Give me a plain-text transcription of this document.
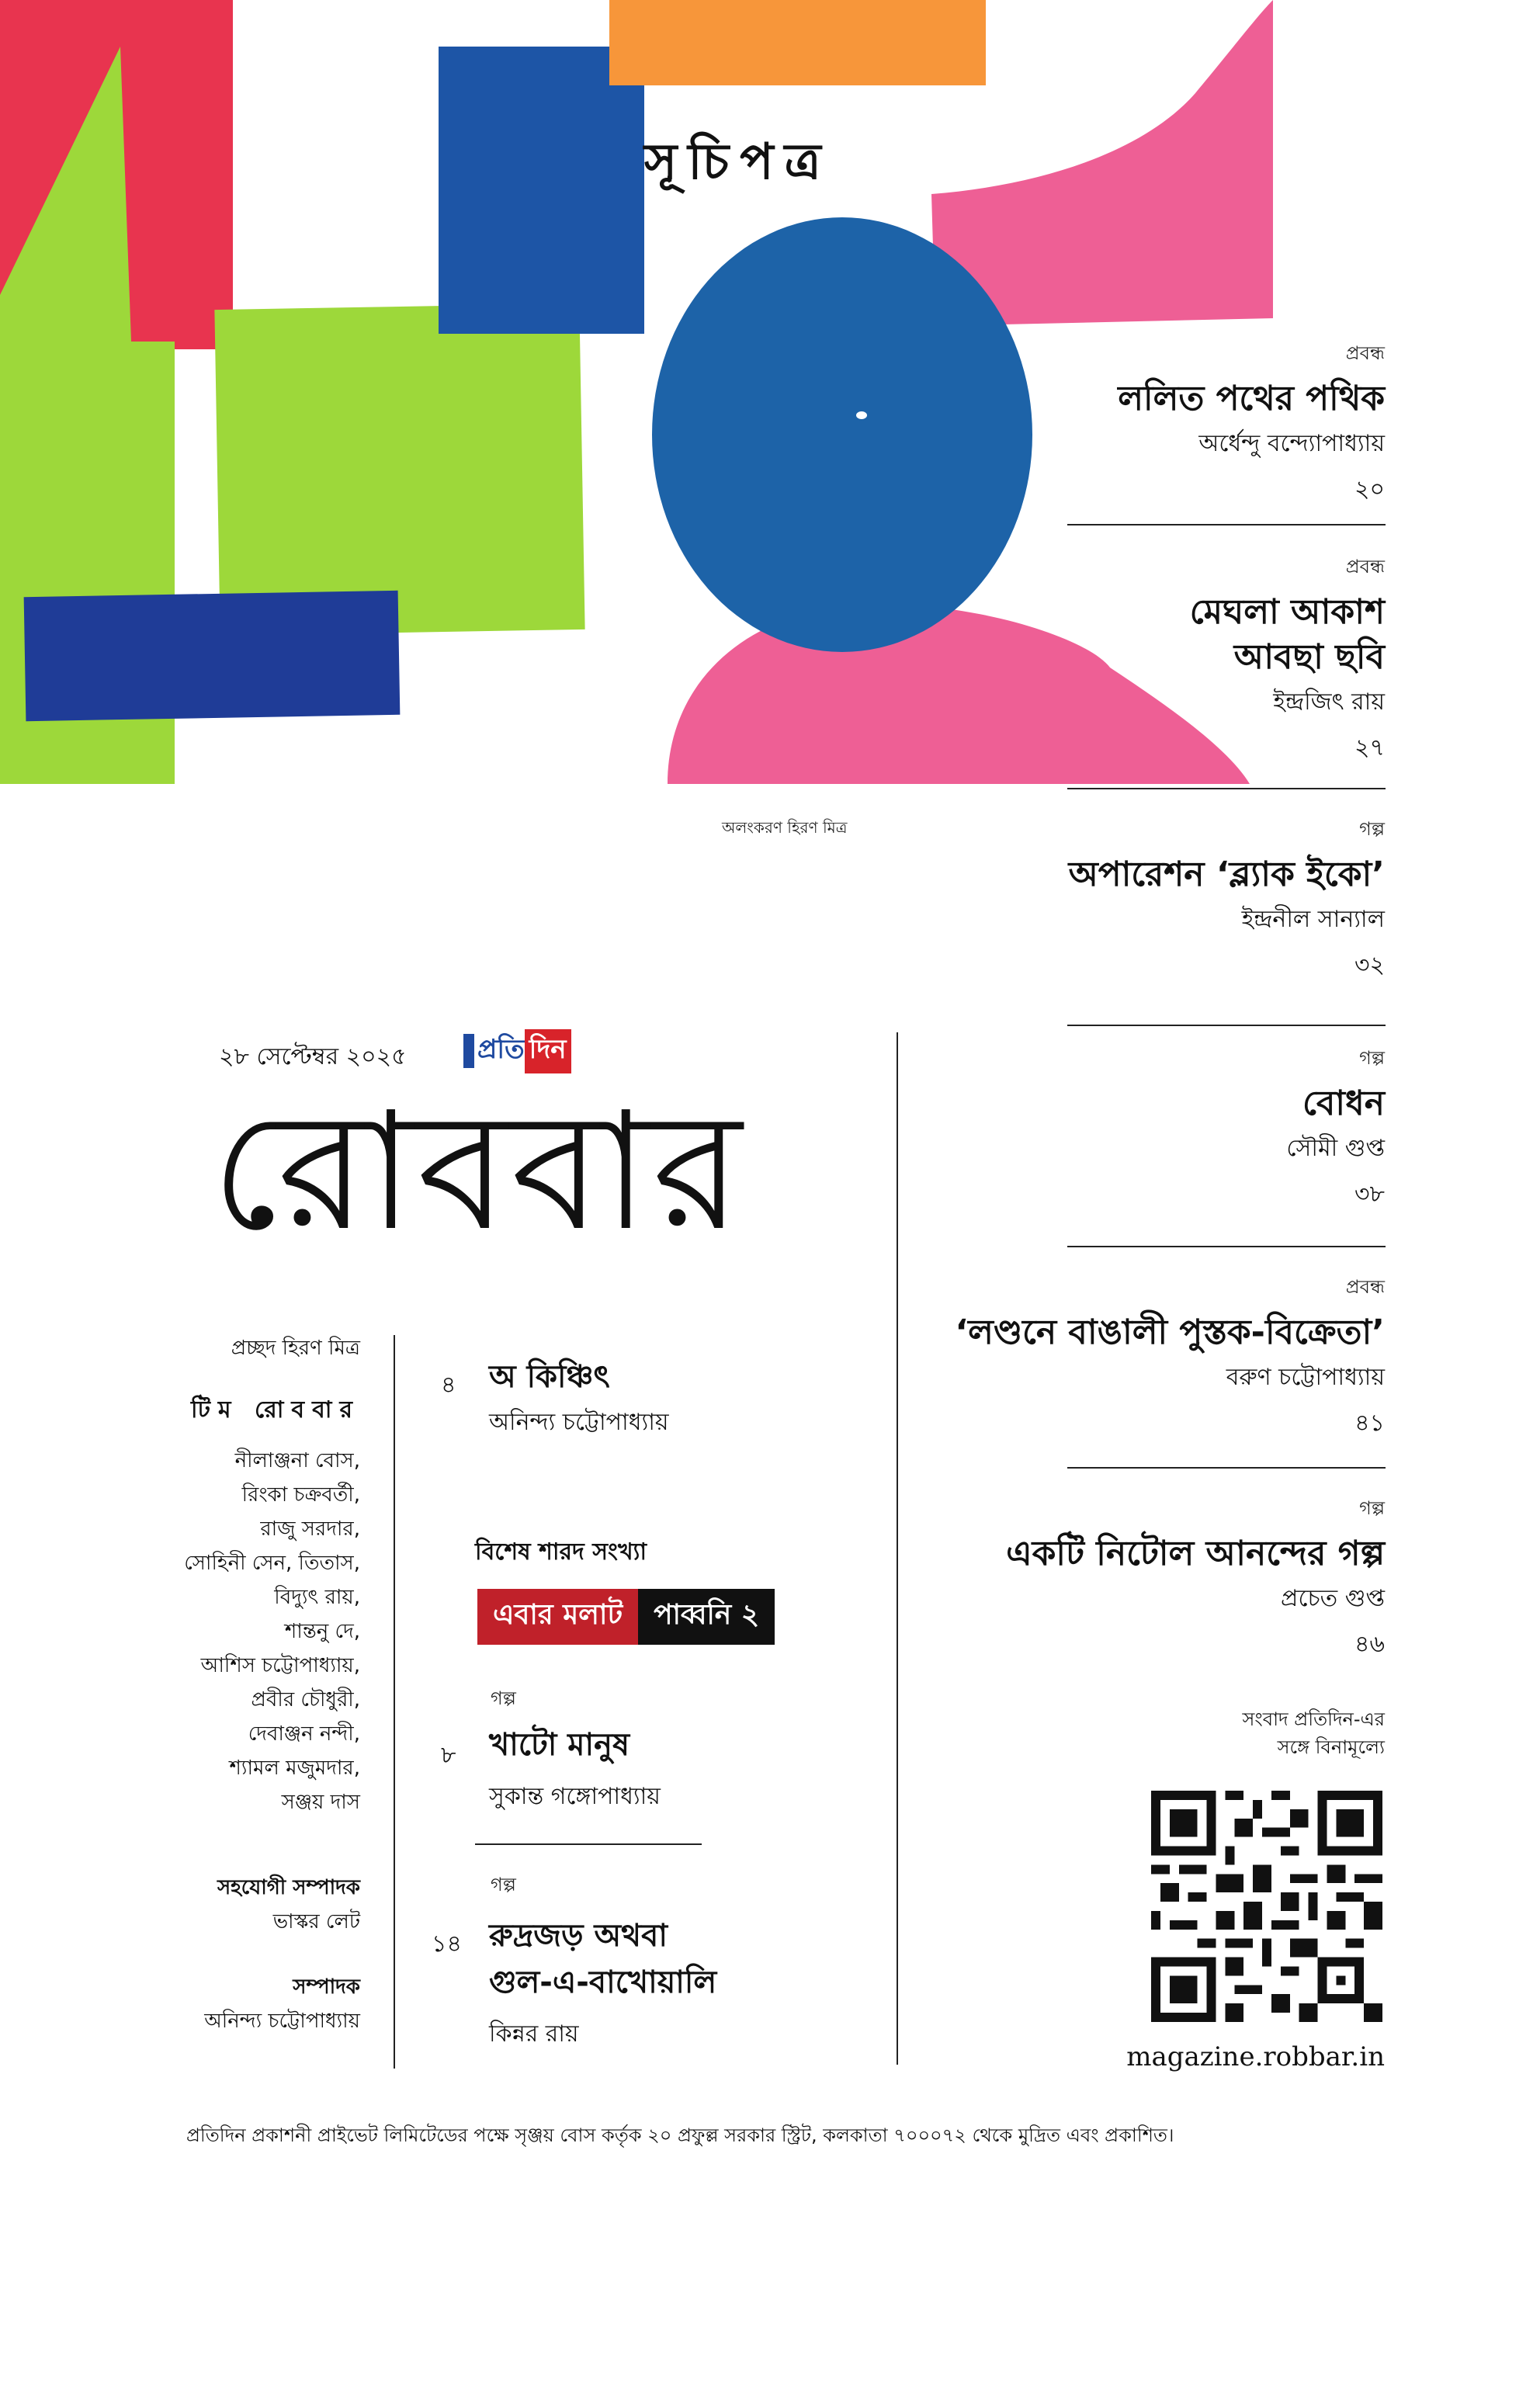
সূচিপত্র
অলংকরণ হিরণ মিত্র
প্রবন্ধ
ললিত পথের পথিক
অর্ধেন্দু বন্দ্যোপাধ্যায়
২০
প্রবন্ধ
মেঘলা আকাশ
আবছা ছবি
ইন্দ্রজিৎ রায়
২৭
গল্প
অপারেশন ‘ব্ল্যাক ইকো’
ইন্দ্রনীল সান্যাল
৩২
গল্প
বোধন
সৌমী গুপ্ত
৩৮
প্রবন্ধ
‘লণ্ডনে বাঙালী পুস্তক-বিক্রেতা’
বরুণ চট্টোপাধ্যায়
৪১
গল্প
একটি নিটোল আনন্দের গল্প
প্রচেত গুপ্ত
৪৬
২৮ সেপ্টেম্বর ২০২৫	প্রতি দিন
রোববার
প্রচ্ছদ হিরণ মিত্র
টিম রোববার
নীলাঞ্জনা বোস,
রিংকা চক্রবর্তী,
রাজু সরদার,
সোহিনী সেন, তিতাস,
বিদ্যুৎ রায়,
শান্তনু দে,
আশিস চট্টোপাধ্যায়,
প্রবীর চৌধুরী,
দেবাঞ্জন নন্দী,
শ্যামল মজুমদার,
সঞ্জয় দাস
সহযোগী সম্পাদক
ভাস্কর লেট
সম্পাদক
অনিন্দ্য চট্টোপাধ্যায়
৪ অ কিঞ্চিৎ
অনিন্দ্য চট্টোপাধ্যায়
বিশেষ শারদ সংখ্যা
এবার মলাট	পাব্বনি ২
গল্প
৮ খাটো মানুষ
সুকান্ত গঙ্গোপাধ্যায়
গল্প
১৪ রুদ্রজড় অথবা
গুল-এ-বাখোয়ালি
কিন্নর রায়
সংবাদ প্রতিদিন-এর
সঙ্গে বিনামূল্যে
magazine.robbar.in
প্রতিদিন প্রকাশনী প্রাইভেট লিমিটেডের পক্ষে সৃঞ্জয় বোস কর্তৃক ২০ প্রফুল্ল সরকার স্ট্রিট, কলকাতা ৭০০০৭২ থেকে মুদ্রিত এবং প্রকাশিত।
